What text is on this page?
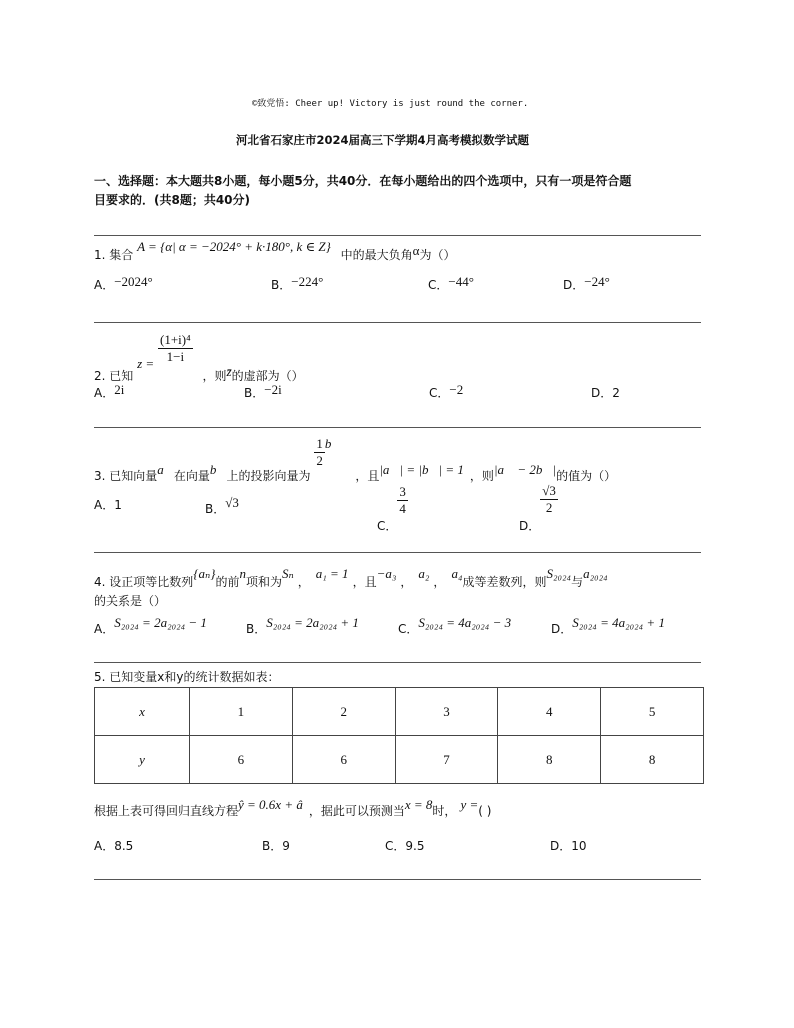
©致党悟: Cheer up! Victory is just round the corner.
河北省石家庄市2024届高三下学期4月高考模拟数学试题
一、选择题：本大题共8小题，每小题5分，共40分．在每小题给出的四个选项中，只有一项是符合题
目要求的．(共8题；共40分)
1. 集合 A = {α| α = −2024° + k·180°, k ∈ Z} 中的最大负角α为（）
A．−2024°	B．−224°	C．−44°	D．−24°
2. 已知 $z = \frac{\text{(1+i)⁴}}{1-i}$
，则z̄的虚部为（）
A．2i	B．−2i	C．−2	D．2
3. 已知向量a⃗在向量b⃗上的投影向量为
$\frac{1}{2}$ b⃗ ，且|a⃗| = |b⃗| = 1 ，则|a⃗ − 2b⃗|的值为（）
A．1	B．√3
C．
$\frac{3}{4}$
D．
$\frac{√3}{2}$
4. 设正项等比数列{aₙ}的前n项和为Sₙ，a₁ = 1，且−a₃，a₂，a₄成等差数列，则S₂₀₂₄与a₂₀₂₄
的关系是（）
A．S₂₀₂₄ = 2a₂₀₂₄ − 1	B．S₂₀₂₄ = 2a₂₀₂₄ + 1	C．S₂₀₂₄ = 4a₂₀₂₄ − 3	D．S₂₀₂₄ = 4a₂₀₂₄ + 1
5. 已知变量x和y的统计数据如表：
x	1	2	3	4	5
y	6	6	7	8	8
根据上表可得回归直线方程ŷ = 0.6x + â ，据此可以预测当x = 8时， y =( )
A．8.5	B．9	C．9.5	D．10
